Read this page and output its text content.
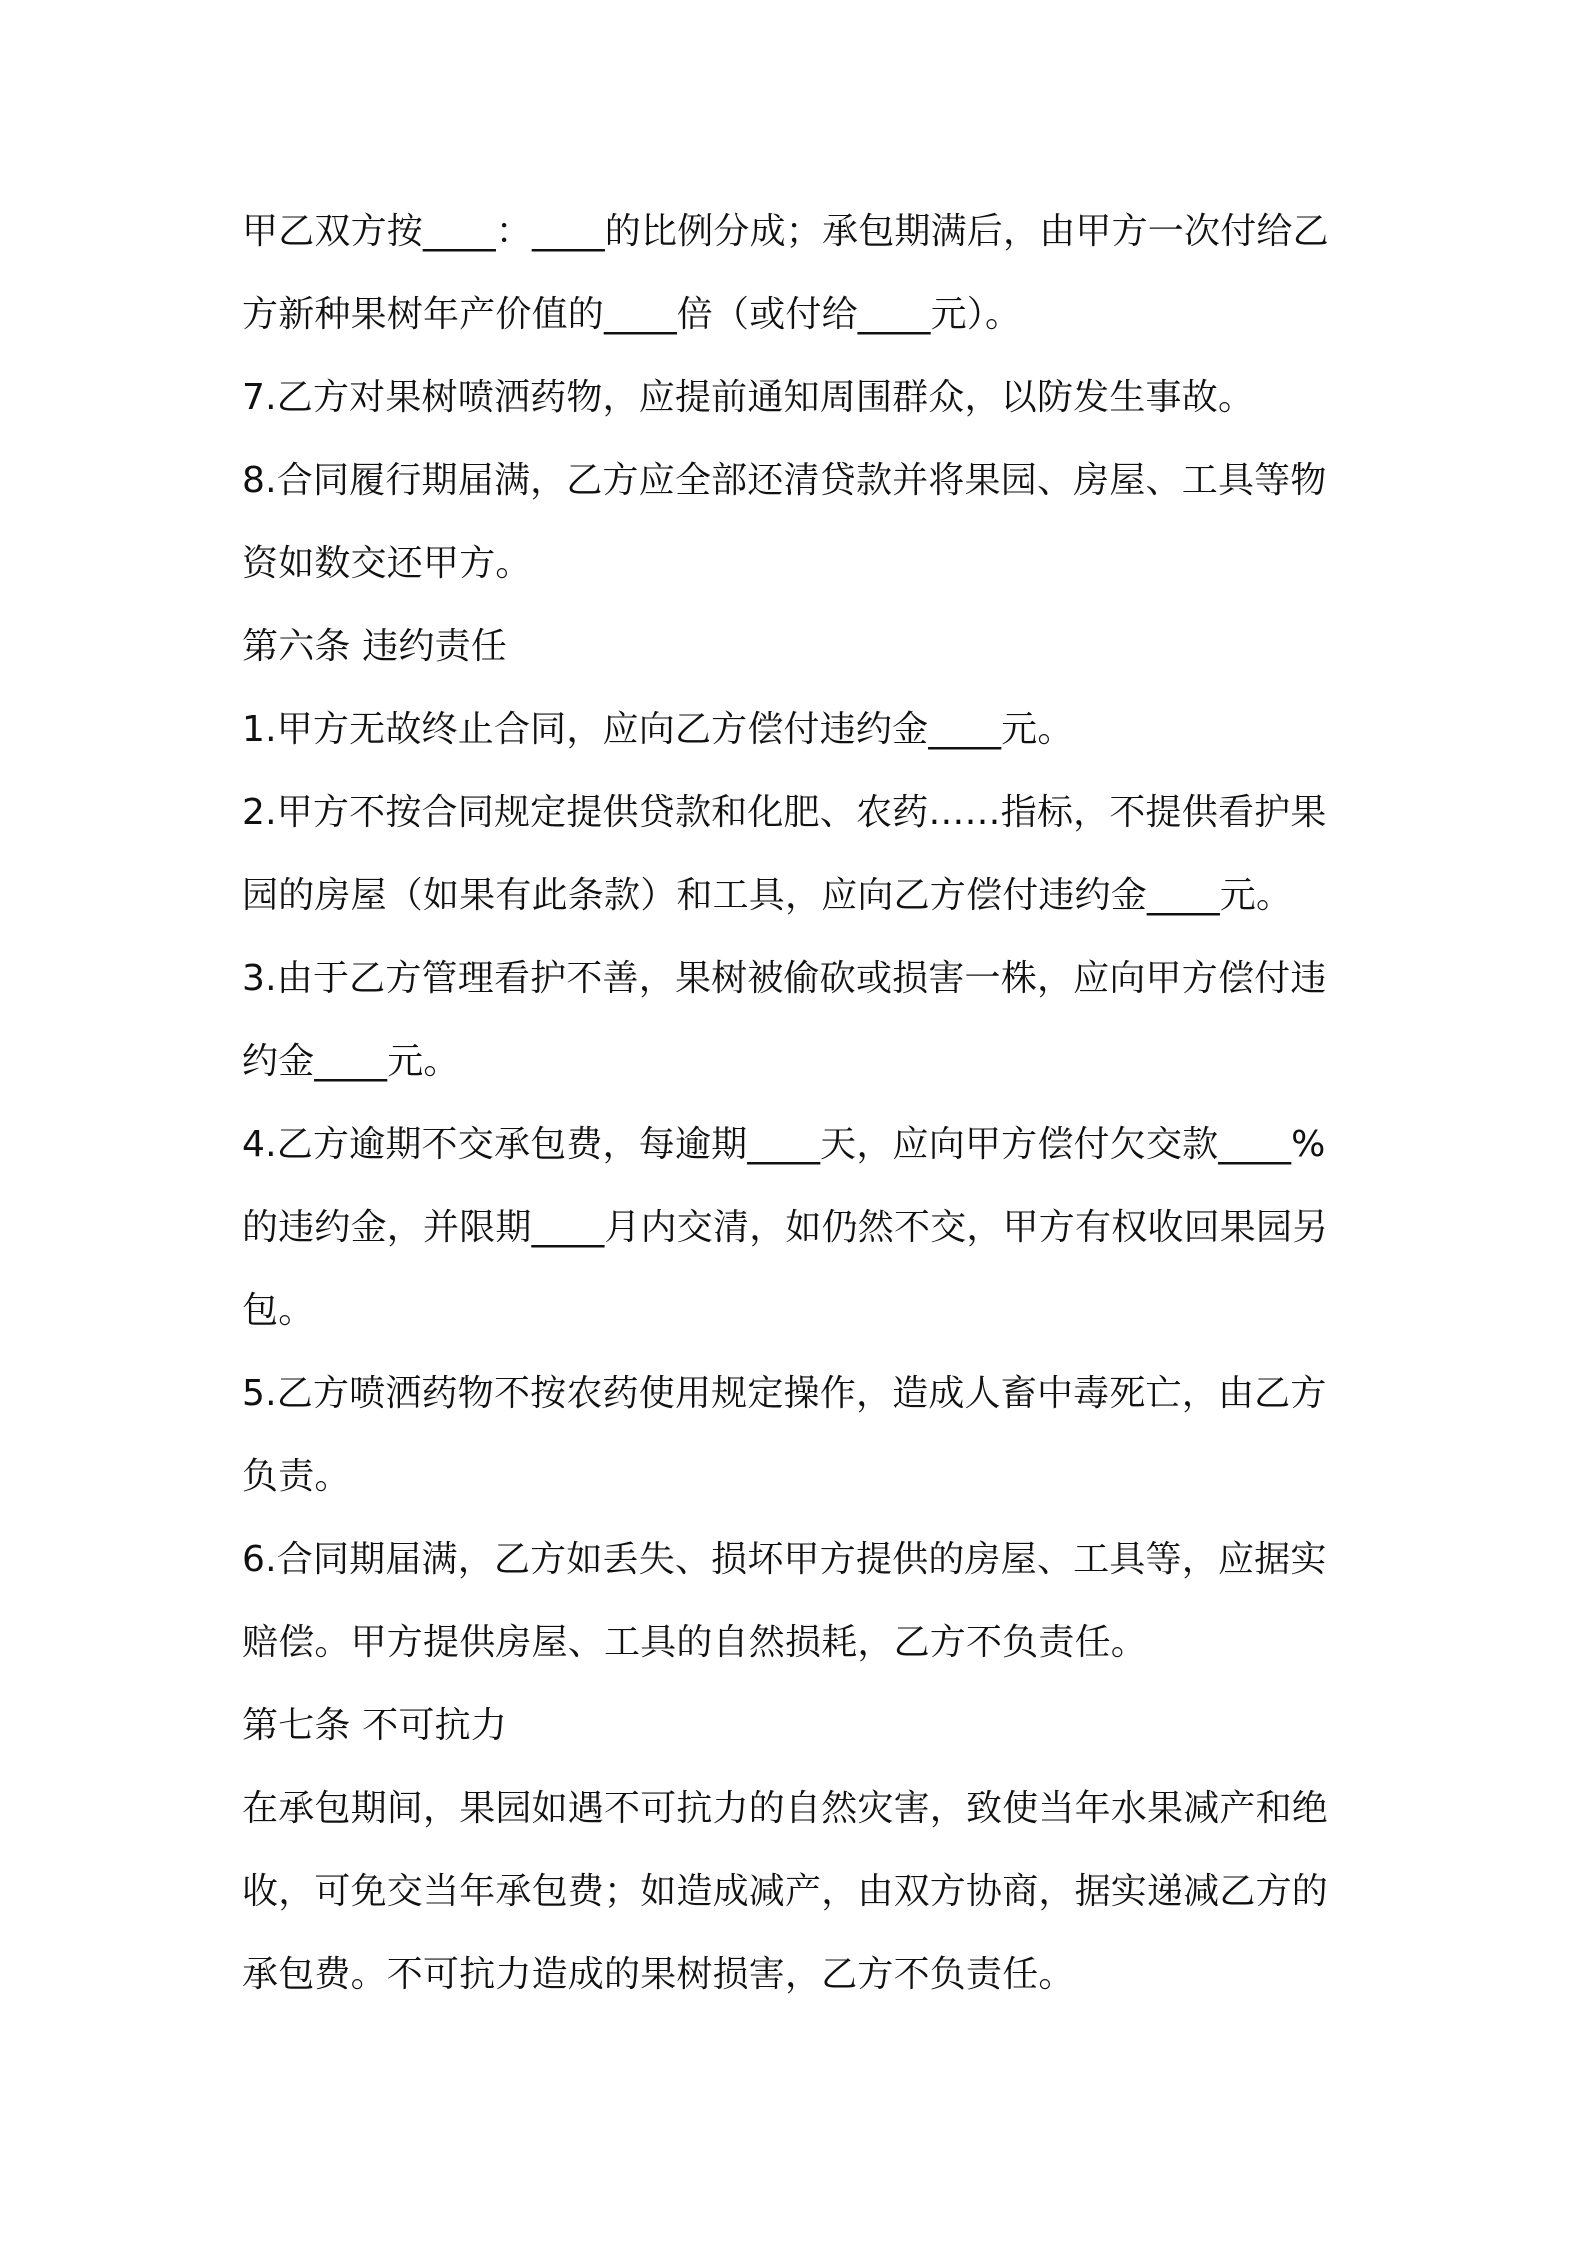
甲乙双方按____：____的比例分成；承包期满后，由甲方一次付给乙

方新种果树年产价值的____倍（或付给____元）。

7.乙方对果树喷洒药物，应提前通知周围群众，以防发生事故。

8.合同履行期届满，乙方应全部还清贷款并将果园、房屋、工具等物

资如数交还甲方。

第六条 违约责任

1.甲方无故终止合同，应向乙方偿付违约金____元。

2.甲方不按合同规定提供贷款和化肥、农药……指标，不提供看护果

园的房屋（如果有此条款）和工具，应向乙方偿付违约金____元。

3.由于乙方管理看护不善，果树被偷砍或损害一株，应向甲方偿付违

约金____元。

4.乙方逾期不交承包费，每逾期____天，应向甲方偿付欠交款____%

的违约金，并限期____月内交清，如仍然不交，甲方有权收回果园另

包。

5.乙方喷洒药物不按农药使用规定操作，造成人畜中毒死亡，由乙方

负责。

6.合同期届满，乙方如丢失、损坏甲方提供的房屋、工具等，应据实

赔偿。甲方提供房屋、工具的自然损耗，乙方不负责任。

第七条 不可抗力

在承包期间，果园如遇不可抗力的自然灾害，致使当年水果减产和绝

收，可免交当年承包费；如造成减产，由双方协商，据实递减乙方的

承包费。不可抗力造成的果树损害，乙方不负责任。
